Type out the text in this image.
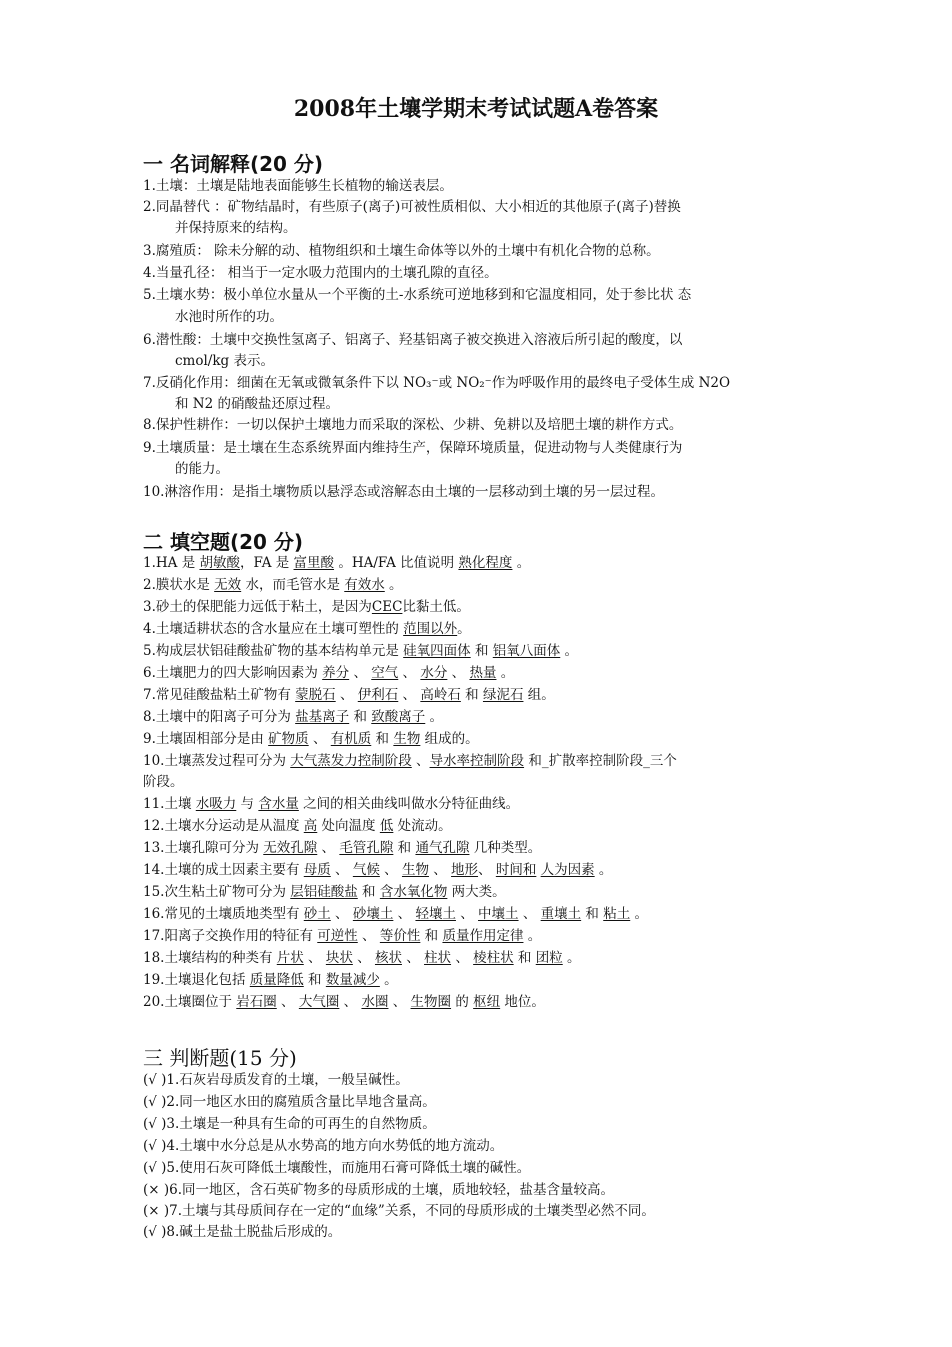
2008年土壤学期末考试试题A卷答案
一 名词解释(20 分)
1.土壤：土壤是陆地表面能够生长植物的输送表层。
2.同晶替代 ：矿物结晶时，有些原子(离子)可被性质相似、大小相近的其他原子(离子)替换
并保持原来的结构。
3.腐殖质： 除未分解的动、植物组织和土壤生命体等以外的土壤中有机化合物的总称。
4.当量孔径： 相当于一定水吸力范围内的土壤孔隙的直径。
5.土壤水势：极小单位水量从一个平衡的土-水系统可逆地移到和它温度相同，处于参比状 态
水池时所作的功。
6.潜性酸：土壤中交换性氢离子、铝离子、羟基铝离子被交换进入溶液后所引起的酸度，以
cmol/kg 表示。
7.反硝化作用：细菌在无氧或微氧条件下以 NO₃⁻或 NO₂⁻作为呼吸作用的最终电子受体生成 N2O
和 N2 的硝酸盐还原过程。
8.保护性耕作：一切以保护土壤地力而采取的深松、少耕、免耕以及培肥土壤的耕作方式。
9.土壤质量：是土壤在生态系统界面内维持生产，保障环境质量，促进动物与人类健康行为
的能力。
10.淋溶作用：是指土壤物质以悬浮态或溶解态由土壤的一层移动到土壤的另一层过程。
二 填空题(20 分)
1.HA 是 胡敏酸，FA 是 富里酸 。HA/FA 比值说明 熟化程度 。
2.膜状水是 无效 水，而毛管水是 有效水 。
3.砂土的保肥能力远低于粘土，是因为CEC比黏土低。
4.土壤适耕状态的含水量应在土壤可塑性的 范围以外。
5.构成层状铝硅酸盐矿物的基本结构单元是 硅氧四面体 和 铝氧八面体 。
6.土壤肥力的四大影响因素为 养分 、 空气 、 水分 、 热量 。
7.常见硅酸盐粘土矿物有 蒙脱石 、 伊利石 、 高岭石 和 绿泥石 组。
8.土壤中的阳离子可分为 盐基离子 和 致酸离子 。
9.土壤固相部分是由 矿物质 、 有机质 和 生物 组成的。
10.土壤蒸发过程可分为 大气蒸发力控制阶段 、导水率控制阶段 和_扩散率控制阶段_三个
阶段。
11.土壤 水吸力 与 含水量 之间的相关曲线叫做水分特征曲线。
12.土壤水分运动是从温度 高 处向温度 低 处流动。
13.土壤孔隙可分为 无效孔隙 、 毛管孔隙 和 通气孔隙 几种类型。
14.土壤的成土因素主要有 母质 、 气候 、 生物 、 地形、 时间和 人为因素 。
15.次生粘土矿物可分为 层铝硅酸盐 和 含水氧化物 两大类。
16.常见的土壤质地类型有 砂土 、 砂壤土 、 轻壤土 、 中壤土 、 重壤土 和 粘土 。
17.阳离子交换作用的特征有 可逆性 、 等价性 和 质量作用定律 。
18.土壤结构的种类有 片状 、 块状 、 核状 、 柱状 、 棱柱状 和 团粒 。
19.土壤退化包括 质量降低 和 数量减少 。
20.土壤圈位于 岩石圈 、 大气圈 、 水圈 、 生物圈 的 枢纽 地位。
三 判断题(15 分)
(√ )1.石灰岩母质发育的土壤，一般呈碱性。
(√ )2.同一地区水田的腐殖质含量比旱地含量高。
(√ )3.土壤是一种具有生命的可再生的自然物质。
(√ )4.土壤中水分总是从水势高的地方向水势低的地方流动。
(√ )5.使用石灰可降低土壤酸性，而施用石膏可降低土壤的碱性。
(× )6.同一地区，含石英矿物多的母质形成的土壤，质地较轻，盐基含量较高。
(× )7.土壤与其母质间存在一定的“血缘”关系，不同的母质形成的土壤类型必然不同。
(√ )8.碱土是盐土脱盐后形成的。
